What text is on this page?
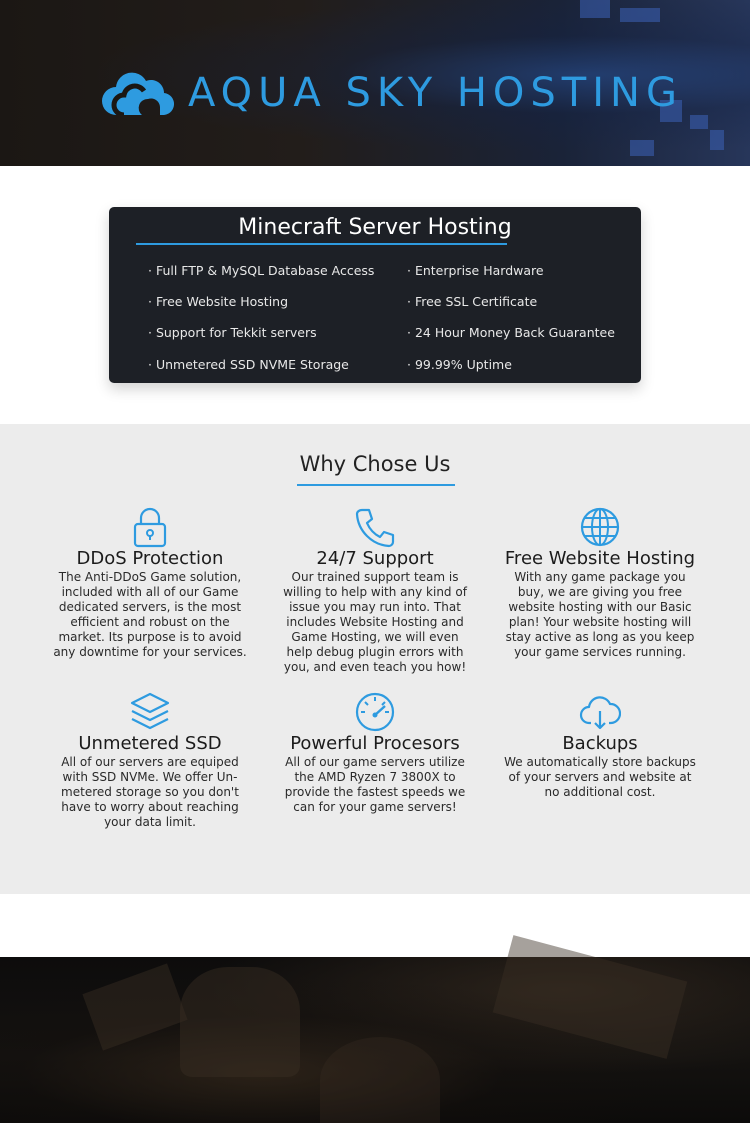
AQUA SKY HOSTING
Minecraft Server Hosting
· Full FTP & MySQL Database Access
· Free Website Hosting
· Support for Tekkit servers
· Unmetered SSD NVME Storage
· Enterprise Hardware
· Free SSL Certificate
· 24 Hour Money Back Guarantee
· 99.99% Uptime
Why Chose Us
DDoS Protection
The Anti-DDoS Game solution,
included with all of our Game
dedicated servers, is the most
efficient and robust on the
market. Its purpose is to avoid
any downtime for your services.
24/7 Support
Our trained support team is
willing to help with any kind of
issue you may run into. That
includes Website Hosting and
Game Hosting, we will even
help debug plugin errors with
you, and even teach you how!
Free Website Hosting
With any game package you
buy, we are giving you free
website hosting with our Basic
plan! Your website hosting will
stay active as long as you keep
your game services running.
Unmetered SSD
All of our servers are equiped
with SSD NVMe. We offer Un-
metered storage so you don't
have to worry about reaching
your data limit.
Powerful Procesors
All of our game servers utilize
the AMD Ryzen 7 3800X to
provide the fastest speeds we
can for your game servers!
Backups
We automatically store backups
of your servers and website at
no additional cost.
